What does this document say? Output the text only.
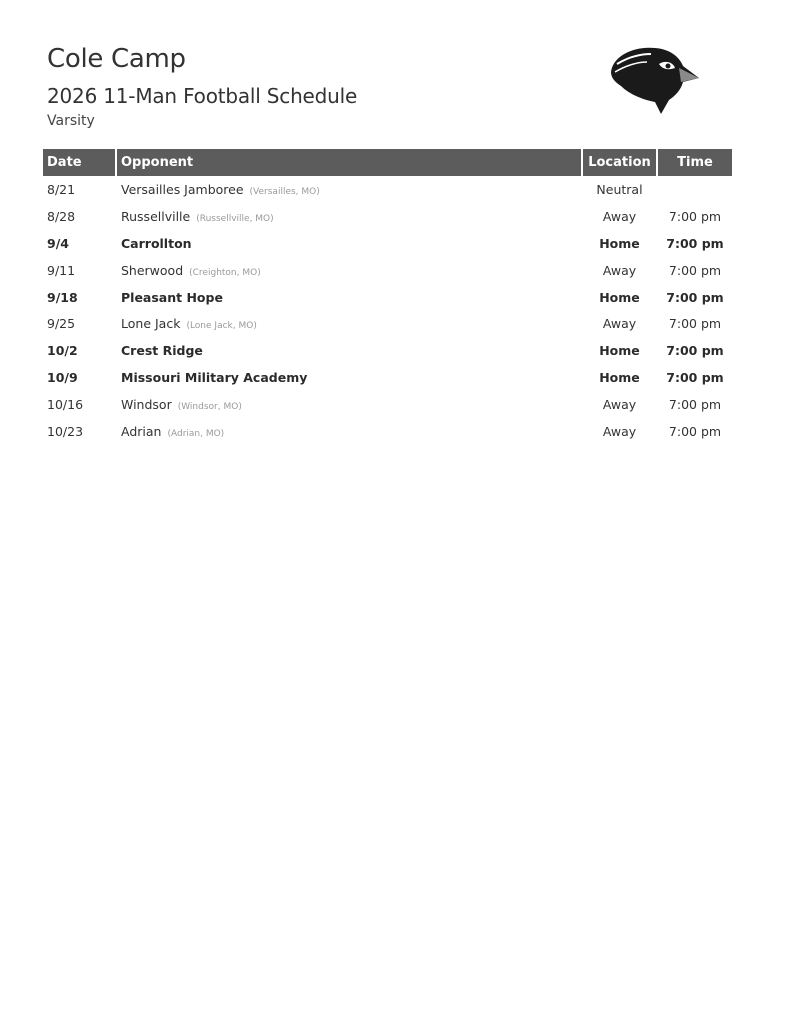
Cole Camp
2026 11-Man Football Schedule
Varsity
Date	Opponent	Location	Time
8/21	Versailles Jamboree (Versailles, MO)	Neutral
8/28	Russellville (Russellville, MO)	Away	7:00 pm
9/4	Carrollton	Home	7:00 pm
9/11	Sherwood (Creighton, MO)	Away	7:00 pm
9/18	Pleasant Hope	Home	7:00 pm
9/25	Lone Jack (Lone Jack, MO)	Away	7:00 pm
10/2	Crest Ridge	Home	7:00 pm
10/9	Missouri Military Academy	Home	7:00 pm
10/16	Windsor (Windsor, MO)	Away	7:00 pm
10/23	Adrian (Adrian, MO)	Away	7:00 pm
